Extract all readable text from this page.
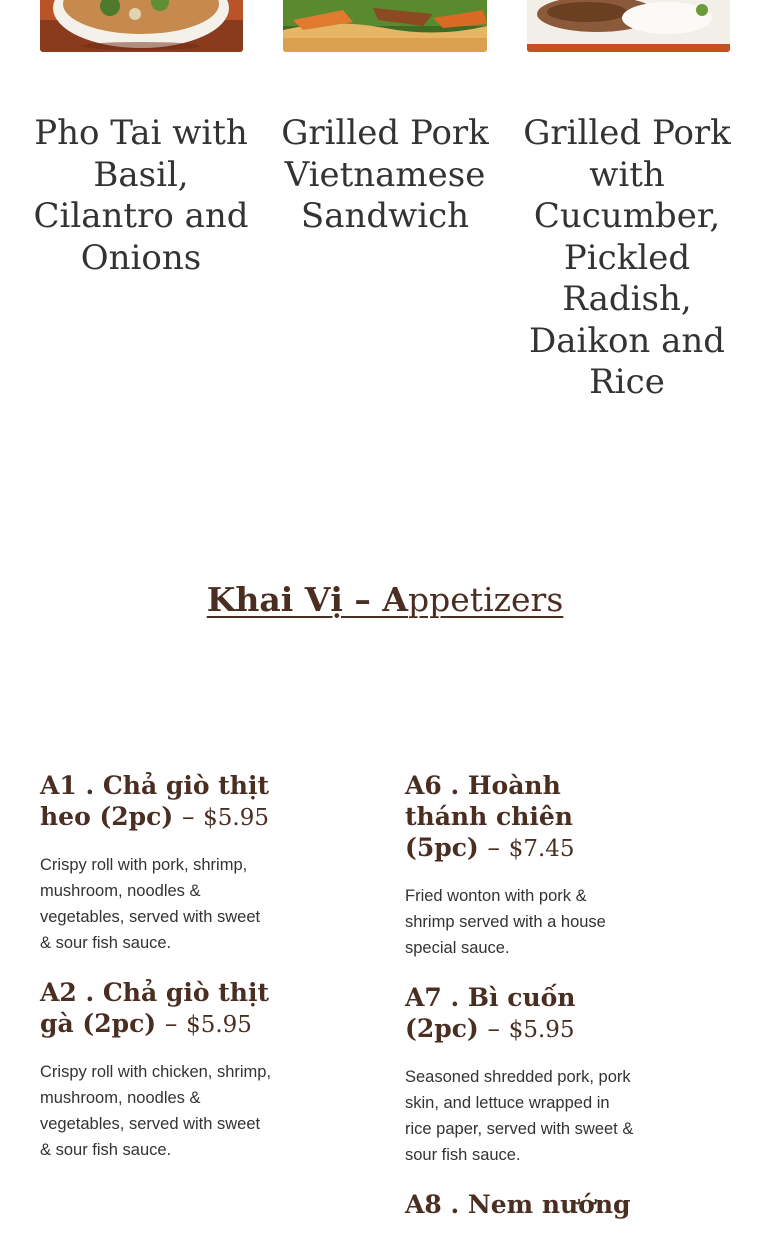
Pho Tai with Basil, Cilantro and Onions
Grilled Pork Vietnamese Sandwich
Grilled Pork with Cucumber, Pickled Radish, Daikon and Rice
Khai Vị – Appetizers
A1 . Chả giò thịt heo (2pc) – $5.95

Crispy roll with pork, shrimp, mushroom, noodles & vegetables, served with sweet & sour fish sauce.

A2 . Chả giò thịt gà (2pc) – $5.95

Crispy roll with chicken, shrimp, mushroom, noodles & vegetables, served with sweet & sour fish sauce.

A6 . Hoành thánh chiên (5pc) – $7.45

Fried wonton with pork & shrimp served with a house special sauce.

A7 . Bì cuốn (2pc) – $5.95

Seasoned shredded pork, pork skin, and lettuce wrapped in rice paper, served with sweet & sour fish sauce.

A8 . Nem nướng
